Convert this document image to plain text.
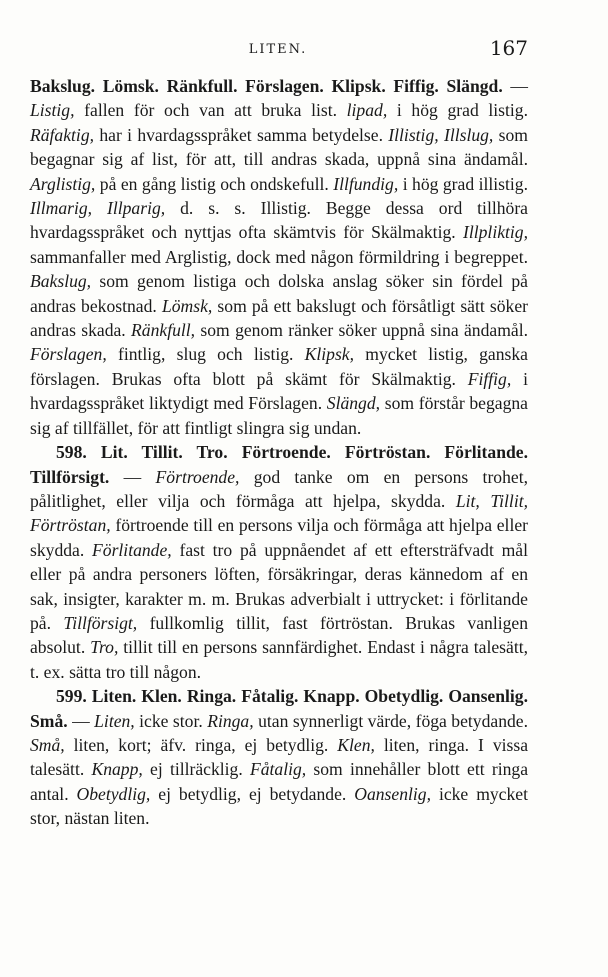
LITEN.	167

Bakslug. Lömsk. Ränkfull. Förslagen. Klipsk. Fiffig. Slängd. — Listig, fallen för och van att bruka list. lipad, i hög grad listig. Räfaktig, har i hvardagsspråket samma betydelse. Illistig, Illslug, som begagnar sig af list, för att, till andras skada, uppnå sina ändamål. Arglistig, på en gång listig och ondskefull. Illfundig, i hög grad illistig. Illmarig, Illparig, d. s. s. Illistig. Begge dessa ord tillhöra hvardagsspråket och nyttjas ofta skämtvis för Skälmaktig. Illpliktig, sammanfaller med Arglistig, dock med någon förmildring i begreppet. Bakslug, som genom listiga och dolska anslag söker sin fördel på andras bekostnad. Lömsk, som på ett bakslugt och försåtligt sätt söker andras skada. Ränkfull, som genom ränker söker uppnå sina ändamål. Förslagen, fintlig, slug och listig. Klipsk, mycket listig, ganska förslagen. Brukas ofta blott på skämt för Skälmaktig. Fiffig, i hvardagsspråket liktydigt med Förslagen. Slängd, som förstår begagna sig af tillfället, för att fintligt slingra sig undan.

598. Lit. Tillit. Tro. Förtroende. Förtröstan. Förlitande. Tillförsigt. — Förtroende, god tanke om en persons trohet, pålitlighet, eller vilja och förmåga att hjelpa, skydda. Lit, Tillit, Förtröstan, förtroende till en persons vilja och förmåga att hjelpa eller skydda. Förlitande, fast tro på uppnåendet af ett eftersträfvadt mål eller på andra personers löften, försäkringar, deras kännedom af en sak, insigter, karakter m. m. Brukas adverbialt i uttrycket: i förlitande på. Tillförsigt, fullkomlig tillit, fast förtröstan. Brukas vanligen absolut. Tro, tillit till en persons sannfärdighet. Endast i några talesätt, t. ex. sätta tro till någon.

599. Liten. Klen. Ringa. Fåtalig. Knapp. Obetydlig. Oansenlig. Små. — Liten, icke stor. Ringa, utan synnerligt värde, föga betydande. Små, liten, kort; äfv. ringa, ej betydlig. Klen, liten, ringa. I vissa talesätt. Knapp, ej tillräcklig. Fåtalig, som innehåller blott ett ringa antal. Obetydlig, ej betydlig, ej betydande. Oansenlig, icke mycket stor, nästan liten.
